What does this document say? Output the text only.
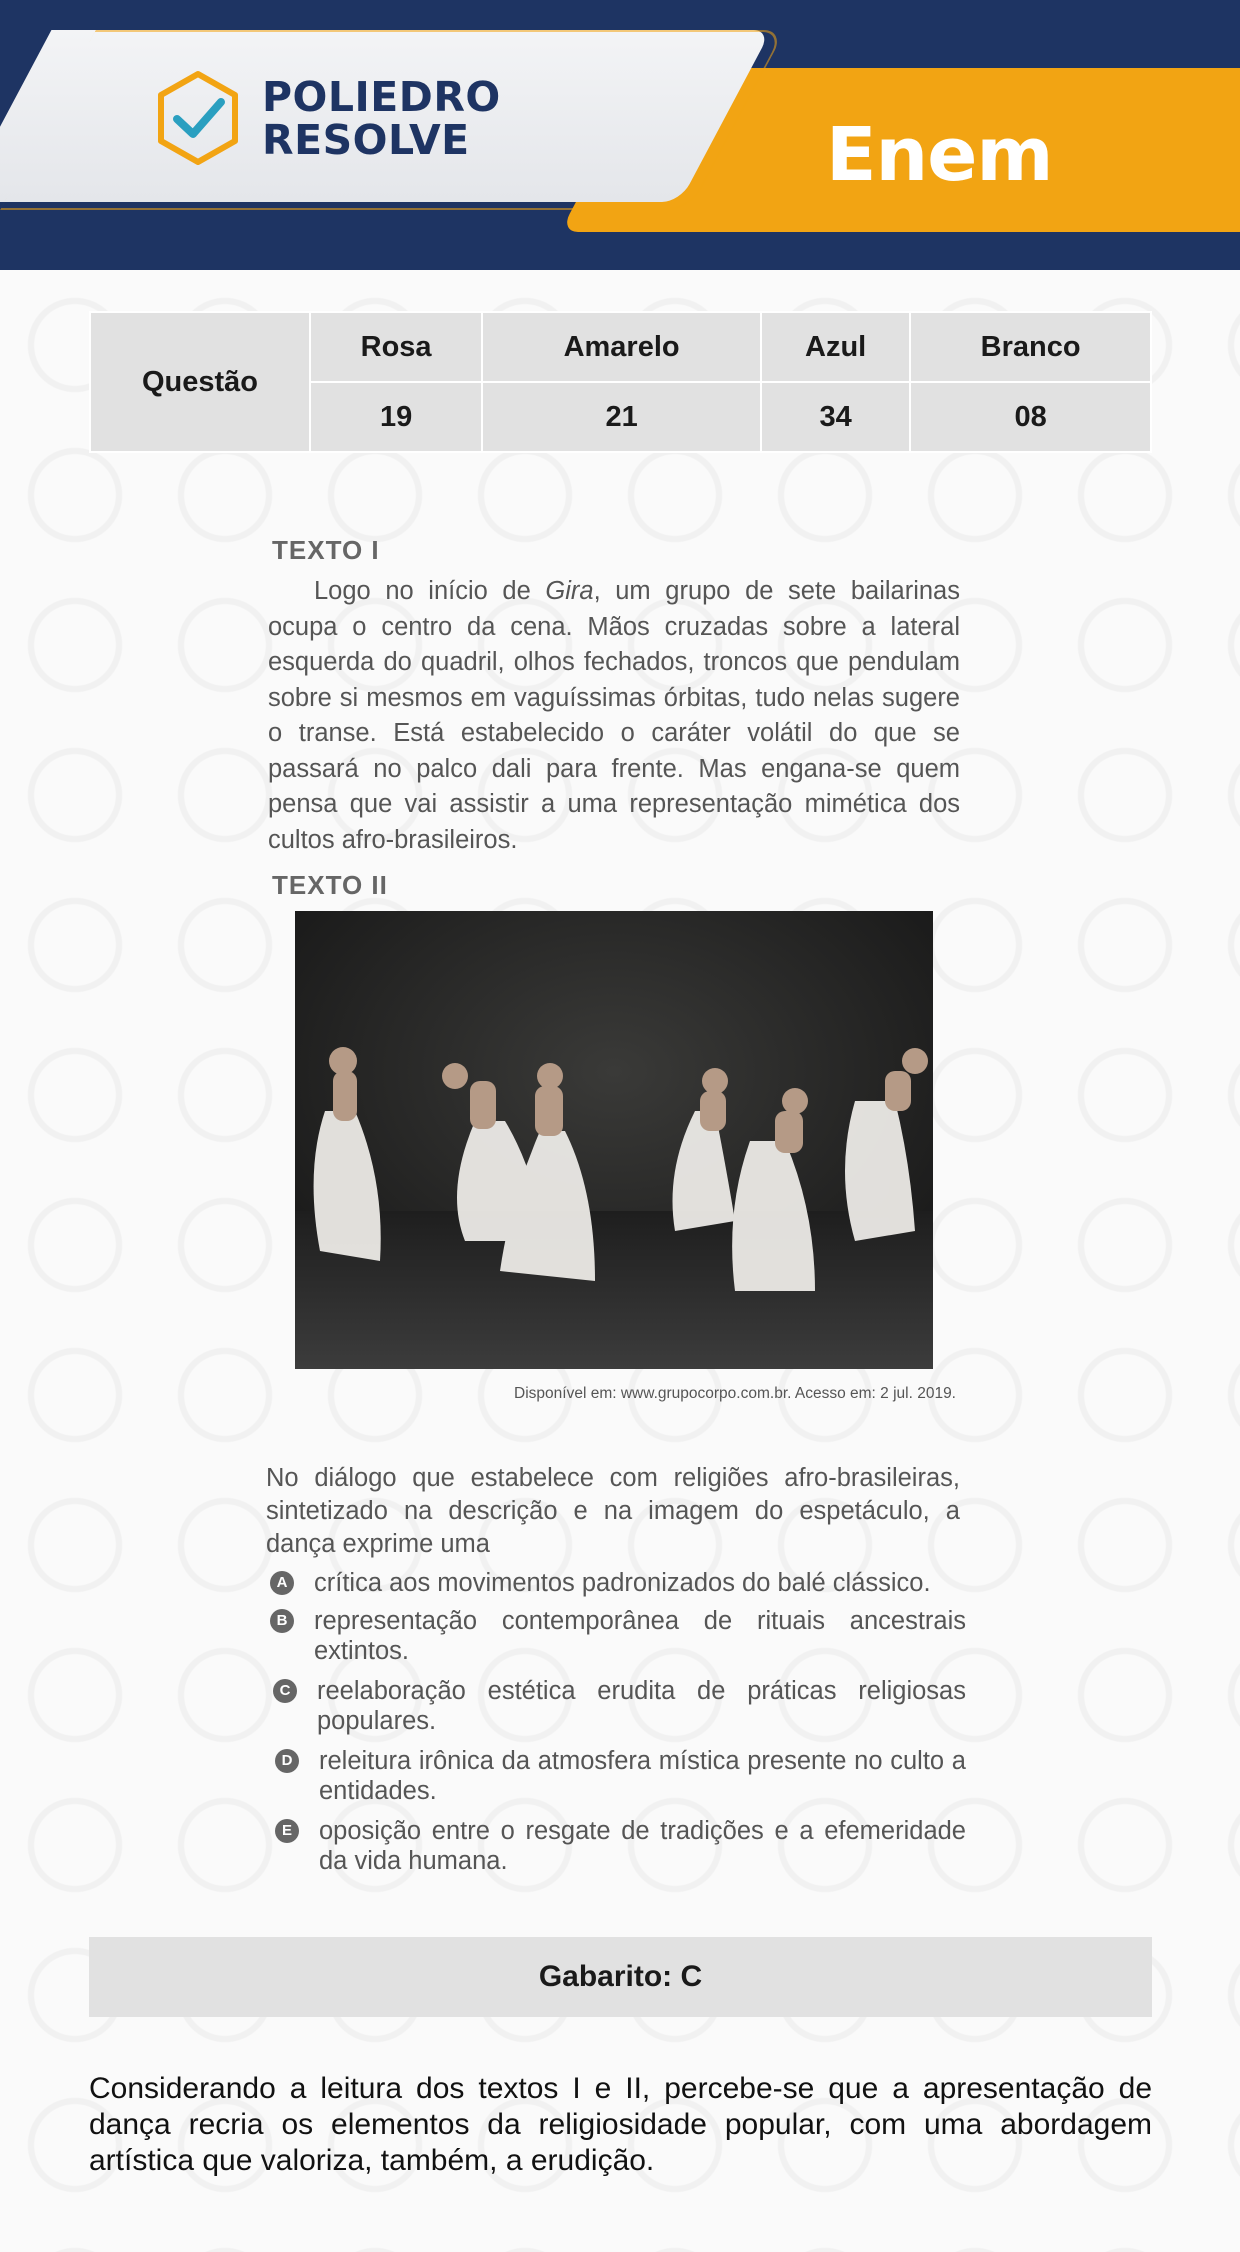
POLIEDRO
RESOLVE	Enem
Questão	Rosa	Amarelo	Azul	Branco
	19	21	34	08
TEXTO I

Logo no início de Gira, um grupo de sete bailarinas ocupa o centro da cena. Mãos cruzadas sobre a lateral esquerda do quadril, olhos fechados, troncos que pendulam sobre si mesmos em vaguíssimas órbitas, tudo nelas sugere o transe. Está estabelecido o caráter volátil do que se passará no palco dali para frente. Mas engana-se quem pensa que vai assistir a uma representação mimética dos cultos afro-brasileiros.

TEXTO II
Disponível em: www.grupocorpo.com.br. Acesso em: 2 jul. 2019.
No diálogo que estabelece com religiões afro-brasileiras, sintetizado na descrição e na imagem do espetáculo, a dança exprime uma
A crítica aos movimentos padronizados do balé clássico.
B representação contemporânea de rituais ancestrais extintos.
C reelaboração estética erudita de práticas religiosas populares.
D releitura irônica da atmosfera mística presente no culto a entidades.
E oposição entre o resgate de tradições e a efemeridade da vida humana.
Gabarito: C
Considerando a leitura dos textos I e II, percebe-se que a apresentação de dança recria os elementos da religiosidade popular, com uma abordagem artística que valoriza, também, a erudição.
